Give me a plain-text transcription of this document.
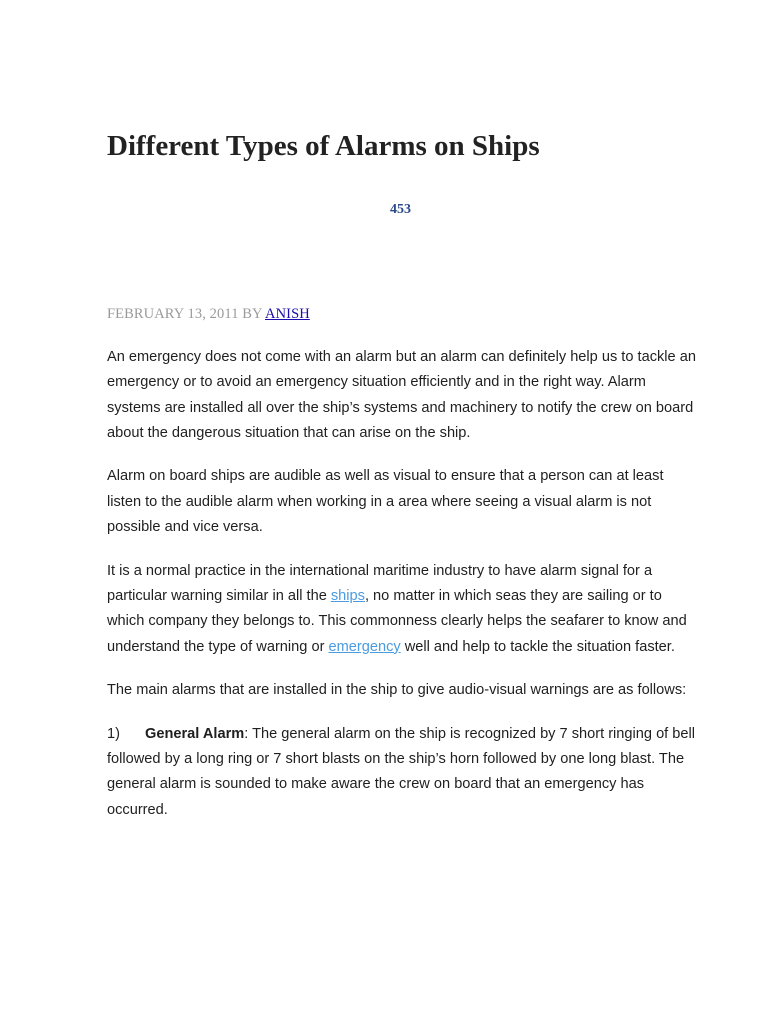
Different Types of Alarms on Ships
453
FEBRUARY 13, 2011 BY ANISH

An emergency does not come with an alarm but an alarm can definitely help us to tackle an emergency or to avoid an emergency situation efficiently and in the right way. Alarm systems are installed all over the ship’s systems and machinery to notify the crew on board about the dangerous situation that can arise on the ship.

Alarm on board ships are audible as well as visual to ensure that a person can at least listen to the audible alarm when working in a area where seeing a visual alarm is not possible and vice versa.

It is a normal practice in the international maritime industry to have alarm signal for a particular warning similar in all the ships, no matter in which seas they are sailing or to which company they belongs to. This commonness clearly helps the seafarer to know and understand the type of warning or emergency well and help to tackle the situation faster.

The main alarms that are installed in the ship to give audio-visual warnings are as follows:

1) General Alarm: The general alarm on the ship is recognized by 7 short ringing of bell followed by a long ring or 7 short blasts on the ship’s horn followed by one long blast. The general alarm is sounded to make aware the crew on board that an emergency has occurred.
